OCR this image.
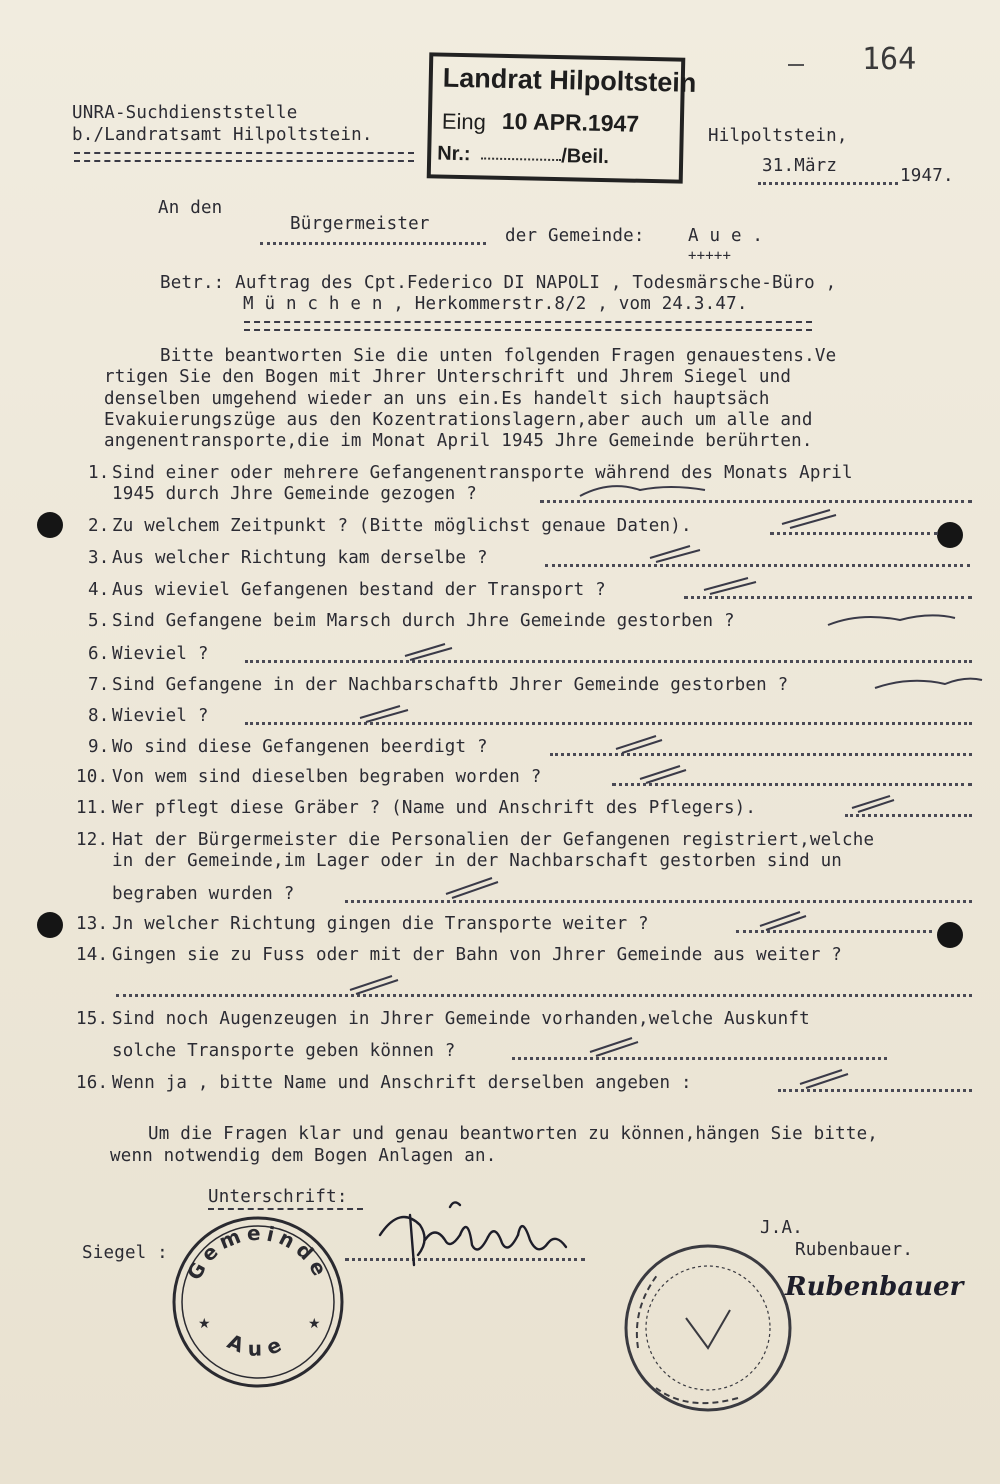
164
UNRA-Suchdienststelle
b./Landratsamt Hilpoltstein.
Landrat Hilpoltstein
Eing 10 APR.1947
Nr.:	/Beil.
Hilpoltstein,
31.März	1947.
An den
Bürgermeister
der Gemeinde: A u e .
+++++
Betr.: Auftrag des Cpt.Federico DI NAPOLI , Todesmärsche-Büro ,
M ü n c h e n , Herkommerstr.8/2 , vom 24.3.47.
Bitte beantworten Sie die unten folgenden Fragen genauestens.Ve
rtigen Sie den Bogen mit Jhrer Unterschrift und Jhrem Siegel und
denselben umgehend wieder an uns ein.Es handelt sich hauptsäch
Evakuierungszüge aus den Kozentrationslagern,aber auch um alle and
angenentransporte,die im Monat April 1945 Jhre Gemeinde berührten.
1. Sind einer oder mehrere Gefangenentransporte während des Monats April
1945 durch Jhre Gemeinde gezogen ?
2. Zu welchem Zeitpunkt ? (Bitte möglichst genaue Daten).
3. Aus welcher Richtung kam derselbe ?
4. Aus wieviel Gefangenen bestand der Transport ?
5. Sind Gefangene beim Marsch durch Jhre Gemeinde gestorben ?
6. Wieviel ?
7. Sind Gefangene in der Nachbarschaftb Jhrer Gemeinde gestorben ?
8. Wieviel ?
9. Wo sind diese Gefangenen beerdigt ?
10. Von wem sind dieselben begraben worden ?
11. Wer pflegt diese Gräber ? (Name und Anschrift des Pflegers).
12. Hat der Bürgermeister die Personalien der Gefangenen registriert,welche
in der Gemeinde,im Lager oder in der Nachbarschaft gestorben sind un
begraben wurden ?
13. Jn welcher Richtung gingen die Transporte weiter ?
14. Gingen sie zu Fuss oder mit der Bahn von Jhrer Gemeinde aus weiter ?
15. Sind noch Augenzeugen in Jhrer Gemeinde vorhanden,welche Auskunft
solche Transporte geben können ?
16. Wenn ja , bitte Name und Anschrift derselben angeben :
Um die Fragen klar und genau beantworten zu können,hängen Sie bitte,
wenn notwendig dem Bogen Anlagen an.
Unterschrift:
Siegel :
J.A.
Rubenbauer.
Rubenbauer
Gemeinde
Aue
★	★
